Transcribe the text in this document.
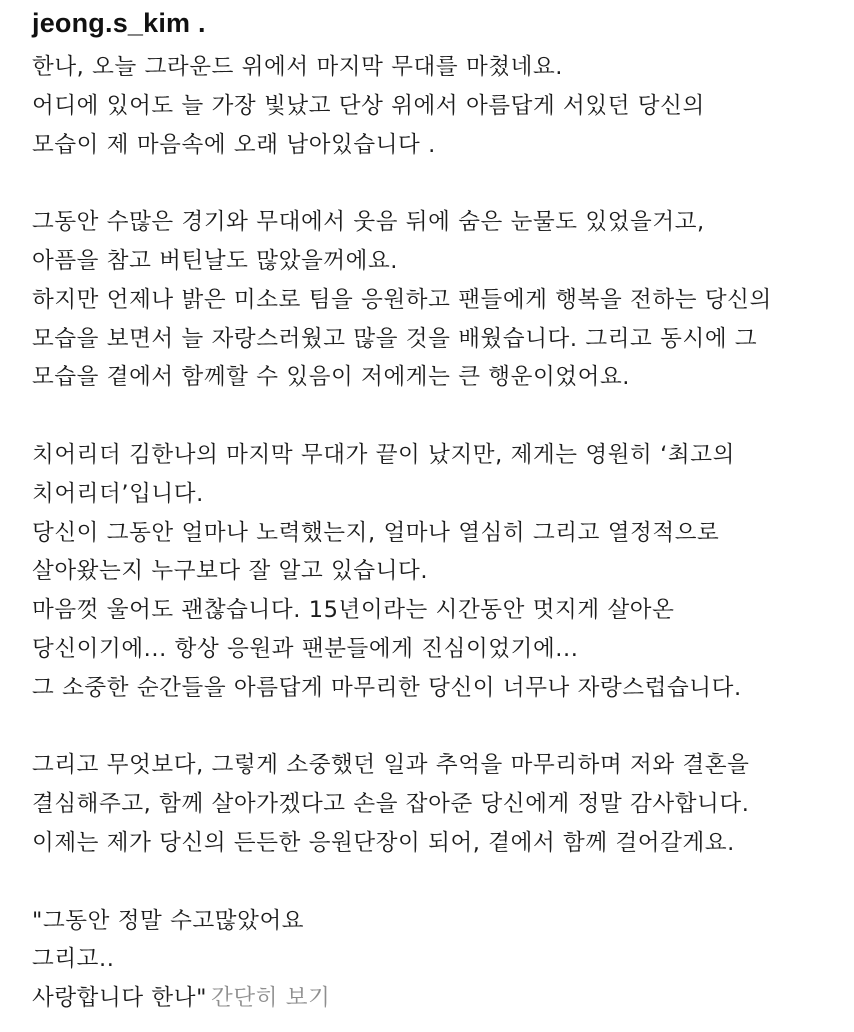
jeong.s_kim .
한나, 오늘 그라운드 위에서 마지막 무대를 마쳤네요.
어디에 있어도 늘 가장 빛났고 단상 위에서 아름답게 서있던 당신의
모습이 제 마음속에 오래 남아있습니다 .
그동안 수많은 경기와 무대에서 웃음 뒤에 숨은 눈물도 있었을거고,
아픔을 참고 버틴날도 많았을꺼에요.
하지만 언제나 밝은 미소로 팀을 응원하고 팬들에게 행복을 전하는 당신의
모습을 보면서 늘 자랑스러웠고 많을 것을 배웠습니다. 그리고 동시에 그
모습을 곁에서 함께할 수 있음이 저에게는 큰 행운이었어요.
치어리더 김한나의 마지막 무대가 끝이 났지만, 제게는 영원히 ‘최고의
치어리더’입니다.
당신이 그동안 얼마나 노력했는지, 얼마나 열심히 그리고 열정적으로
살아왔는지 누구보다 잘 알고 있습니다.
마음껏 울어도 괜찮습니다. 15년이라는 시간동안 멋지게 살아온
당신이기에... 항상 응원과 팬분들에게 진심이었기에...
그 소중한 순간들을 아름답게 마무리한 당신이 너무나 자랑스럽습니다.
그리고 무엇보다, 그렇게 소중했던 일과 추억을 마무리하며 저와 결혼을
결심해주고, 함께 살아가겠다고 손을 잡아준 당신에게 정말 감사합니다.
이제는 제가 당신의 든든한 응원단장이 되어, 곁에서 함께 걸어갈게요.
"그동안 정말 수고많았어요
그리고..
사랑합니다 한나" 간단히 보기
